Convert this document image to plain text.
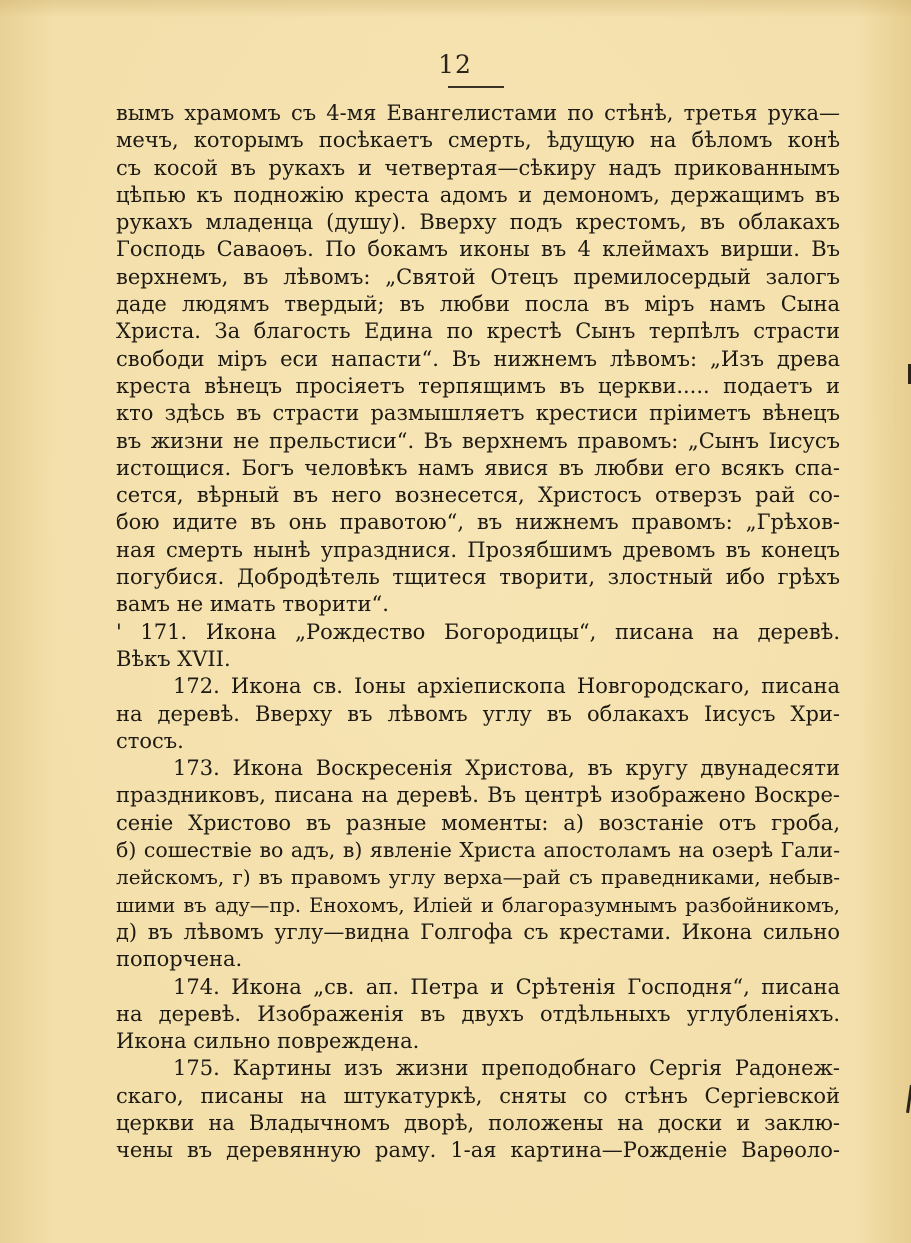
12
вымъ храмомъ съ 4-мя Евангелистами по стѣнѣ, третья рука—
мечъ, которымъ посѣкаетъ смерть, ѣдущую на бѣломъ конѣ
съ косой въ рукахъ и четвертая—сѣкиру надъ прикованнымъ
цѣпью къ подножію креста адомъ и демономъ, держащимъ въ
рукахъ младенца (душу). Вверху подъ крестомъ, въ облакахъ
Господь Саваоѳъ. По бокамъ иконы въ 4 клеймахъ вирши. Въ
верхнемъ, въ лѣвомъ: „Святой Отецъ премилосердый залогъ
даде людямъ твердый; въ любви посла въ міръ намъ Сына
Христа. За благость Единa по крестѣ Сынъ терпѣлъ страсти
свободи міръ еси напасти“. Въ нижнемъ лѣвомъ: „Изъ древа
креста вѣнецъ просіяетъ терпящимъ въ церкви..... подаетъ и
кто здѣсь въ страсти размышляетъ крестиси пріиметъ вѣнецъ
въ жизни не прельстиси“. Въ верхнемъ правомъ: „Сынъ Іисусъ
истощися. Богъ человѣкъ намъ явися въ любви его всякъ спа-
сется, вѣрный въ него вознесется, Христосъ отверзъ рай со-
бою идите въ онь правотою“, въ нижнемъ правомъ: „Грѣхов-
ная смерть нынѣ упразднися. Прозябшимъ древомъ въ конецъ
погубися. Добродѣтель тщитеся творити, злостный ибо грѣхъ
вамъ не имать творити“.
' 171. Икона „Рождество Богородицы“, писана на деревѣ.
Вѣкъ XVII.
172. Икона св. Іоны архіепископа Новгородскаго, писана
на деревѣ. Вверху въ лѣвомъ углу въ облакахъ Іисусъ Хри-
стосъ.
173. Икона Воскресенія Христова, въ кругу двунадесяти
праздниковъ, писана на деревѣ. Въ центрѣ изображено Воскре-
сеніе Христово въ разные моменты: а) возстаніе отъ гроба,
б) сошествіе во адъ, в) явленіе Христа апостоламъ на озерѣ Гали-
лейскомъ, г) въ правомъ углу верха—рай съ праведниками, небыв-
шими въ аду—пр. Енохомъ, Иліей и благоразумнымъ разбойникомъ,
д) въ лѣвомъ углу—видна Голгофа съ крестами. Икона сильно
попорчена.
174. Икона „св. ап. Петра и Срѣтенія Господня“, писана
на деревѣ. Изображенія въ двухъ отдѣльныхъ углубленіяхъ.
Икона сильно повреждена.
175. Картины изъ жизни преподобнаго Сергія Радонеж-
скаго, писаны на штукатуркѣ, сняты со стѣнъ Сергіевской
церкви на Владычномъ дворѣ, положены на доски и заклю-
чены въ деревянную раму. 1-ая картина—Рожденіе Варѳоло-
